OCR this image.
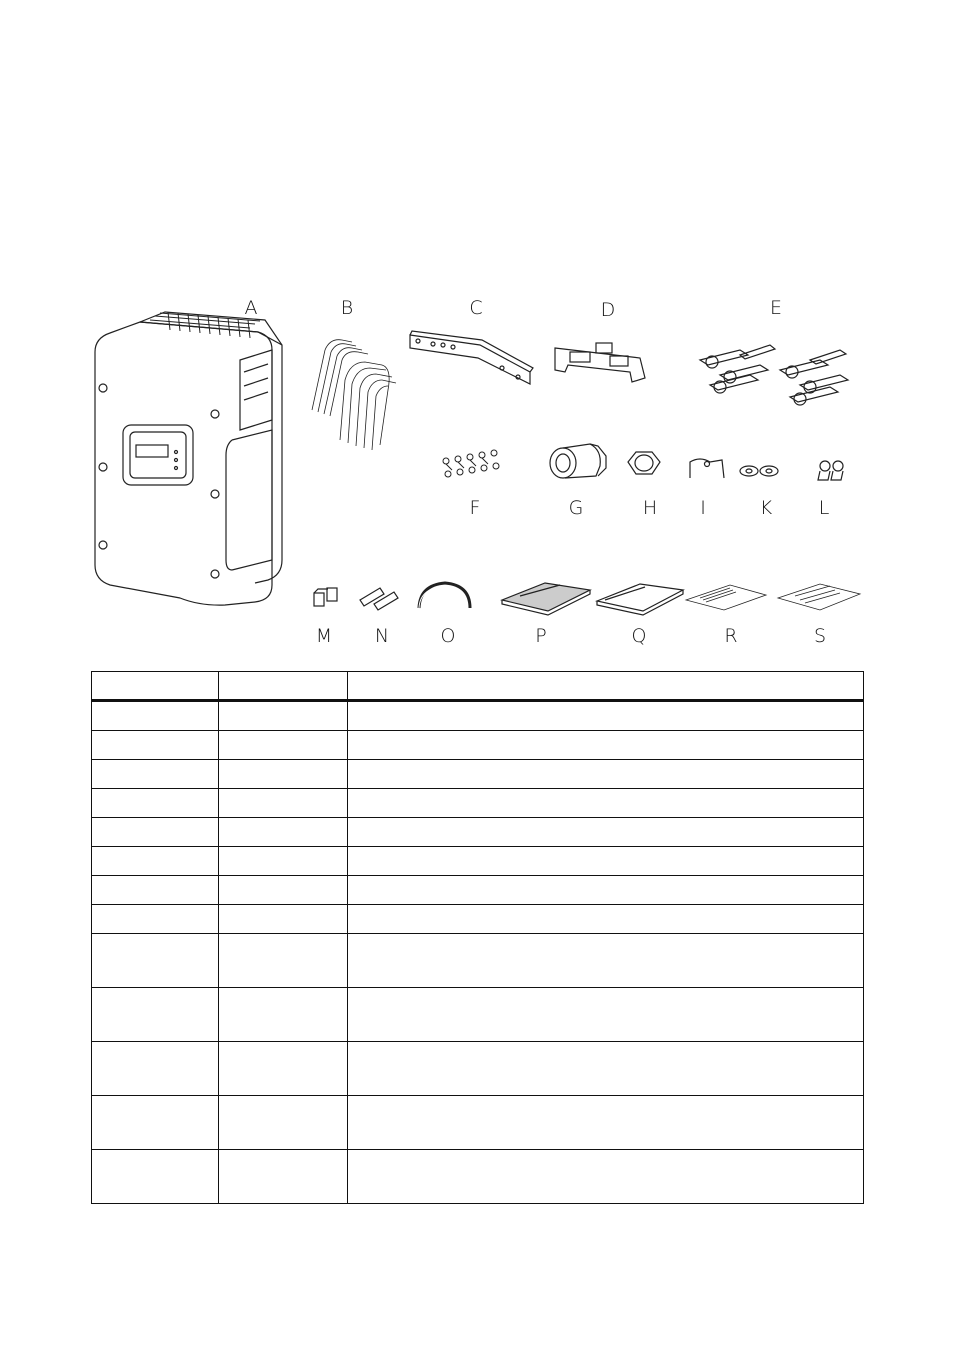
A	B	C	D	E
F	G	H I	K L
M N	O	P	Q	R	S
